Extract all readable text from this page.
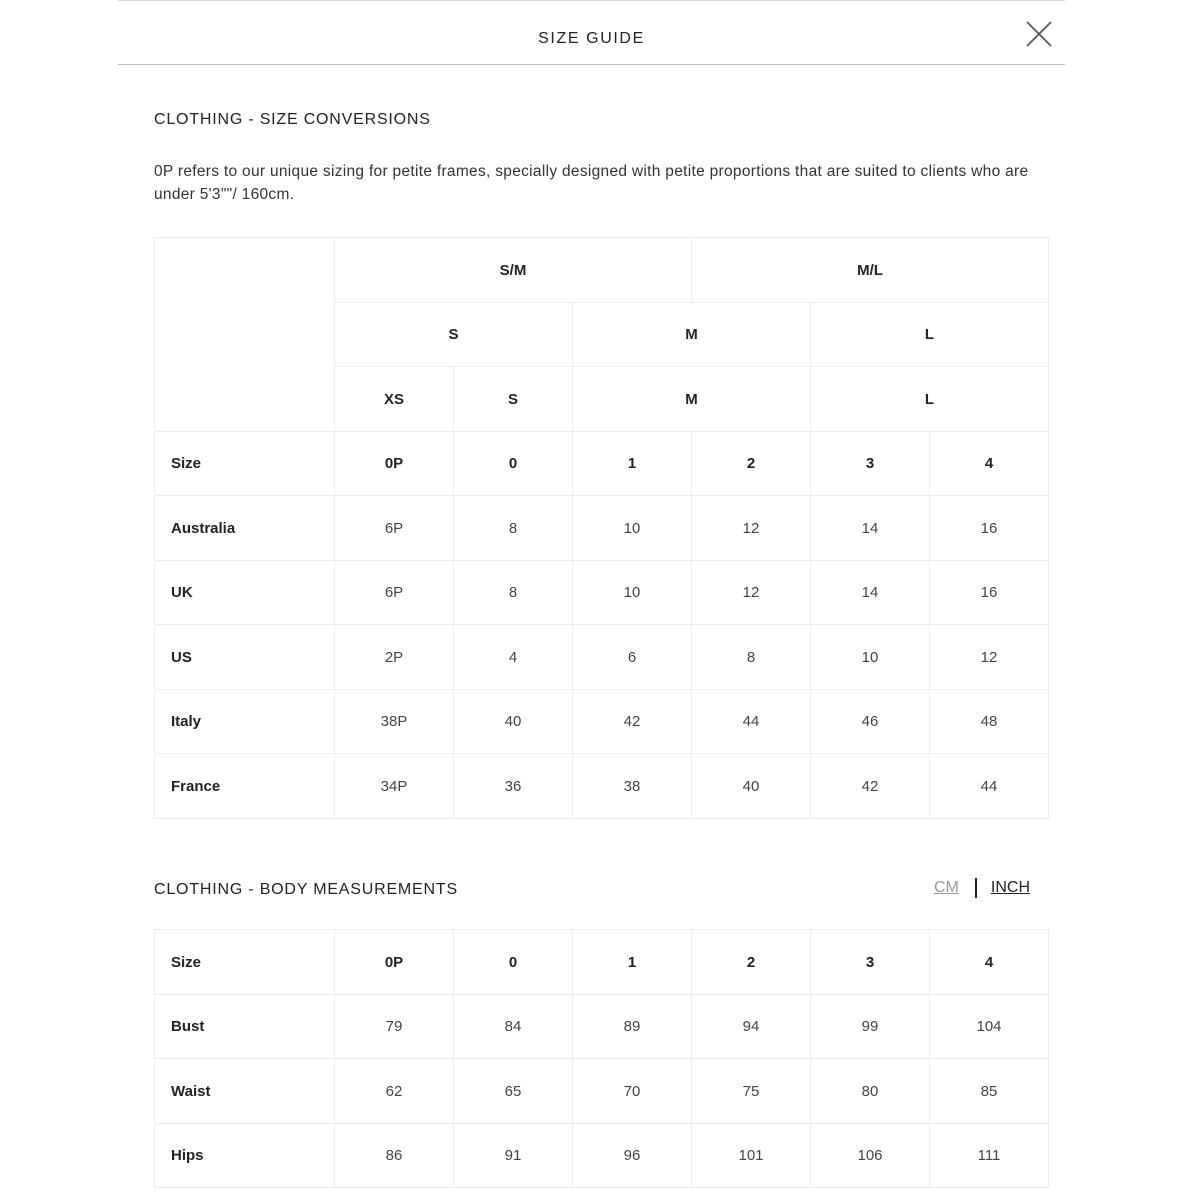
SIZE GUIDE
CLOTHING - SIZE CONVERSIONS
0P refers to our unique sizing for petite frames, specially designed with petite proportions that are suited to clients who are under 5'3""/ 160cm.
	S/M			M/L		
	S		M		L	
	XS	S	M		L	
Size	0P	0	1	2	3	4
Australia	6P	8	10	12	14	16
UK	6P	8	10	12	14	16
US	2P	4	6	8	10	12
Italy	38P	40	42	44	46	48
France	34P	36	38	40	42	44
CLOTHING - BODY MEASUREMENTS	CM INCH
Size	0P	0	1	2	3	4
Bust	79	84	89	94	99	104
Waist	62	65	70	75	80	85
Hips	86	91	96	101	106	111
